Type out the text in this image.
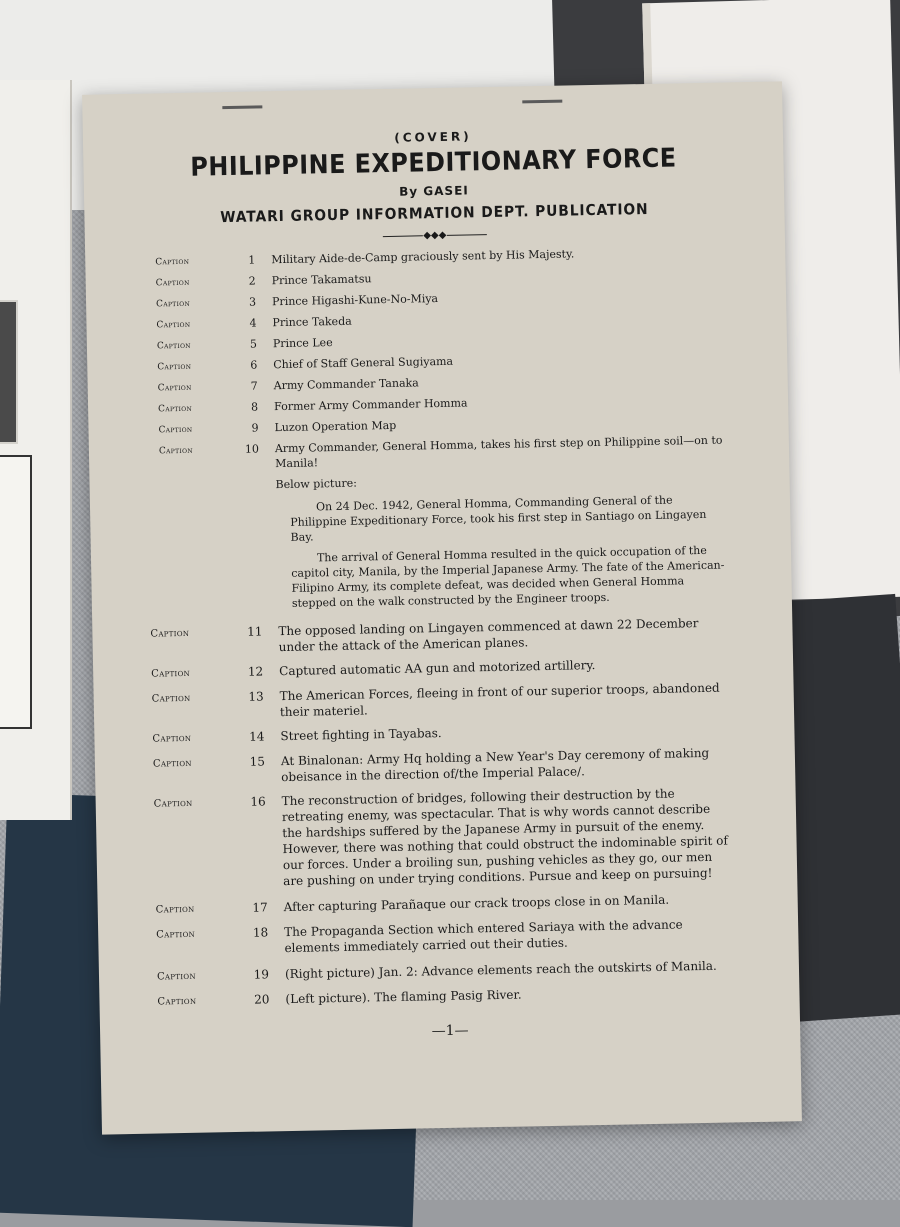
(COVER)
PHILIPPINE EXPEDITIONARY FORCE
By GASEI
WATARI GROUP INFORMATION DEPT. PUBLICATION
◆◆◆
Caption	1 Military Aide-de-Camp graciously sent by His Majesty.
Caption	2 Prince Takamatsu
Caption	3 Prince Higashi-Kune-No-Miya
Caption	4 Prince Takeda
Caption	5 Prince Lee
Caption	6 Chief of Staff General Sugiyama
Caption	7 Army Commander Tanaka
Caption	8 Former Army Commander Homma
Caption	9 Luzon Operation Map
Caption	10 Army Commander, General Homma, takes his first step on Philippine soil—on to Manila!
Below picture:
On 24 Dec. 1942, General Homma, Commanding General of the Philippine Expeditionary Force, took his first step in Santiago on Lingayen Bay.
The arrival of General Homma resulted in the quick occupation of the capitol city, Manila, by the Imperial Japanese Army. The fate of the American-Filipino Army, its complete defeat, was decided when General Homma stepped on the walk constructed by the Engineer troops.
Caption	11 The opposed landing on Lingayen commenced at dawn 22 December under the attack of the American planes.
Caption	12 Captured automatic AA gun and motorized artillery.
Caption	13 The American Forces, fleeing in front of our superior troops, abandoned their materiel.
Caption	14 Street fighting in Tayabas.
Caption	15 At Binalonan: Army Hq holding a New Year's Day ceremony of making obeisance in the direction of/the Imperial Palace/.
Caption	16 The reconstruction of bridges, following their destruction by the retreating enemy, was spectacular. That is why words cannot describe the hardships suffered by the Japanese Army in pursuit of the enemy. However, there was nothing that could obstruct the indominable spirit of our forces. Under a broiling sun, pushing vehicles as they go, our men are pushing on under trying conditions. Pursue and keep on pursuing!
Caption	17 After capturing Parañaque our crack troops close in on Manila.
Caption	18 The Propaganda Section which entered Sariaya with the advance elements immediately carried out their duties.
Caption	19 (Right picture) Jan. 2: Advance elements reach the outskirts of Manila.
Caption	20 (Left picture). The flaming Pasig River.
—1—
